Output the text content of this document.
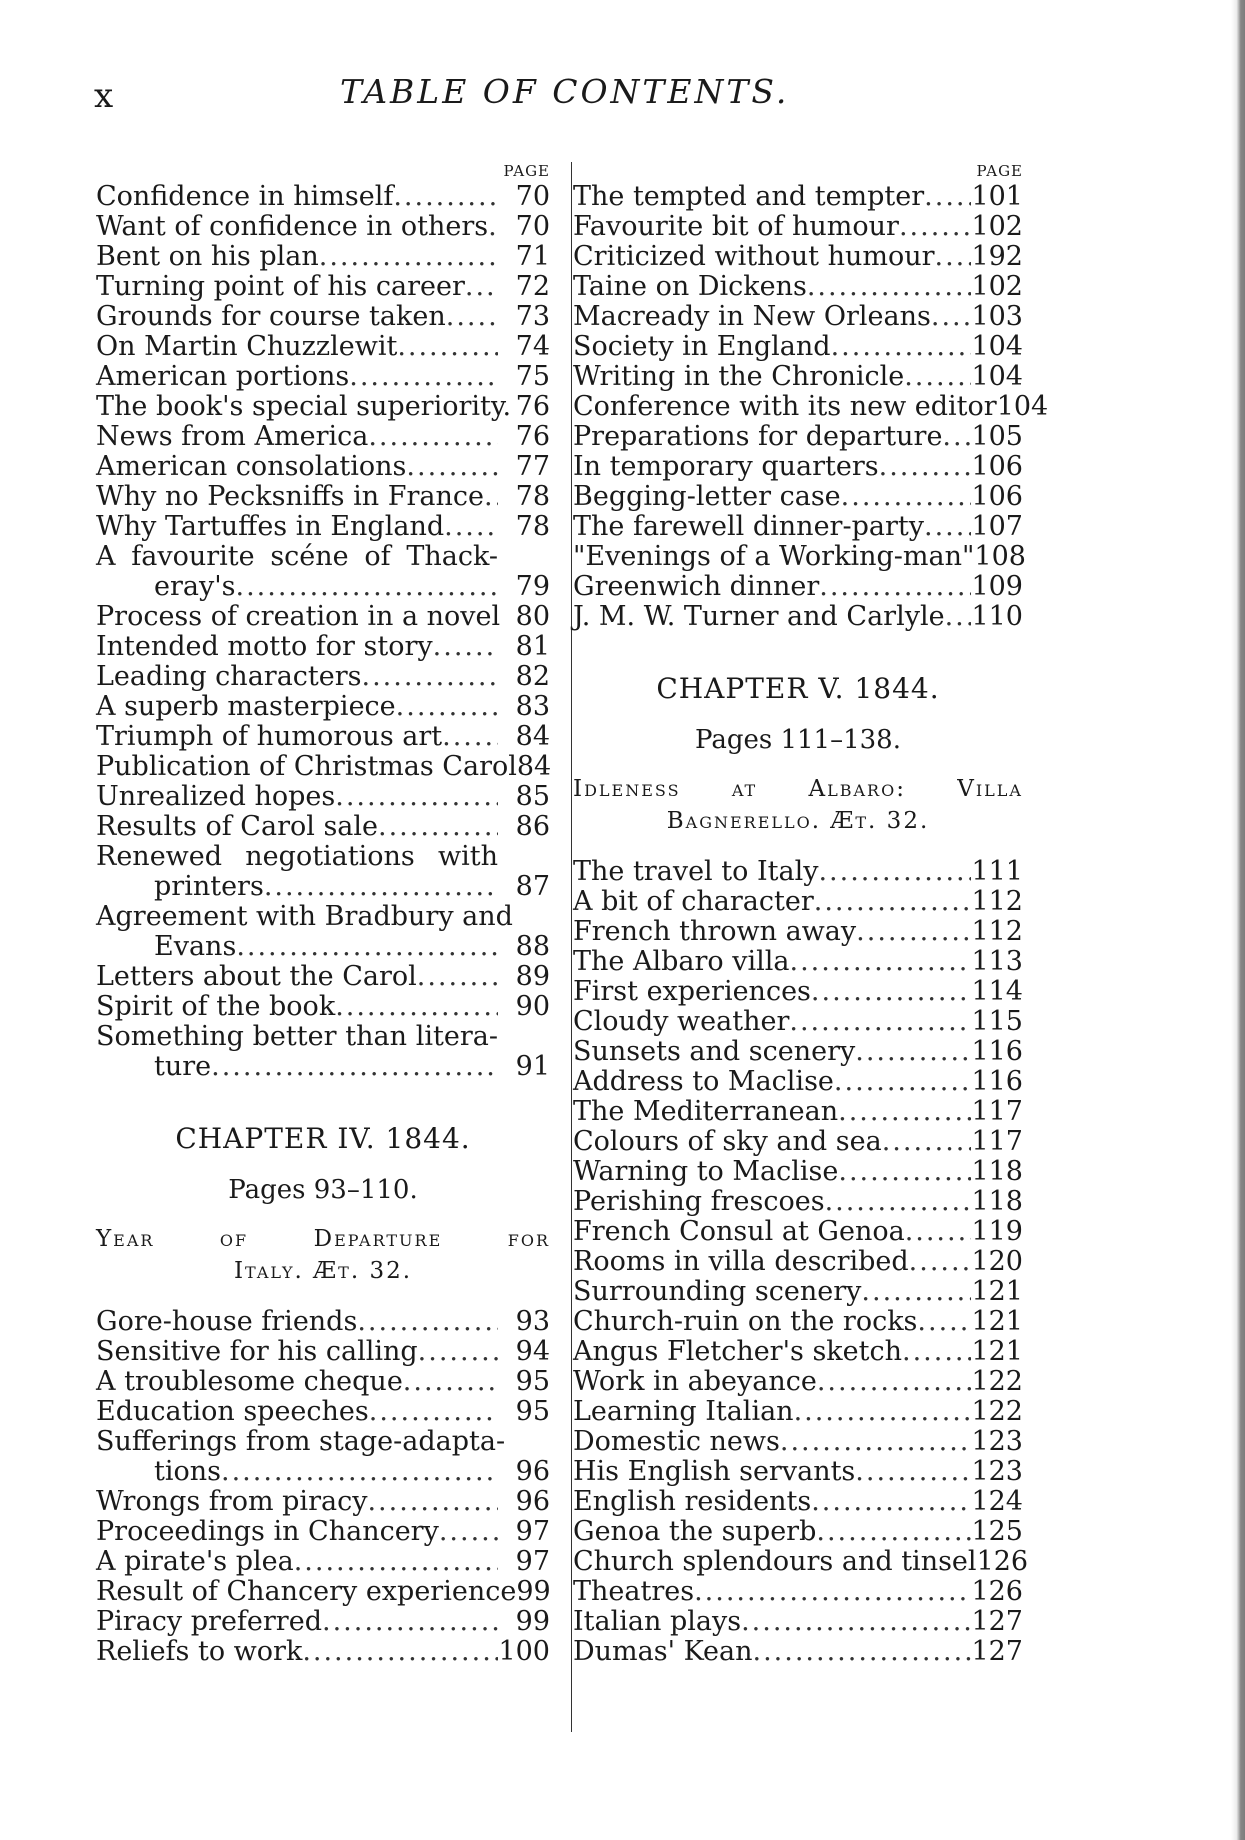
x	TABLE OF CONTENTS.
PAGE
Confidence in himself .....	70
Want of confidence in others .....	70
Bent on his plan .....	71
Turning point of his career .....	72
Grounds for course taken .....	73
On Martin Chuzzlewit .....	74
American portions .....	75
The book's special superiority. 76
News from America .....	76
American consolations .....	77
Why no Pecksniffs in France .....	78
Why Tartuffes in England .....	78
A favourite scéne of Thack-
eray's .....	79
Process of creation in a novel 80
Intended motto for story .....	81
Leading characters .....	82
A superb masterpiece .....	83
Triumph of humorous art .....	84
Publication of Christmas Carol 84
Unrealized hopes .....	85
Results of Carol sale .....	86
Renewed negotiations with
printers .....	87
Agreement with Bradbury and
Evans .....	88
Letters about the Carol .....	89
Spirit of the book .....	90
Something better than litera-
ture .....	91
CHAPTER IV. 1844.
Pages 93–110.
Year of Departure for
Italy. Æt. 32.
Gore-house friends .....	93
Sensitive for his calling .....	94
A troublesome cheque .....	95
Education speeches .....	95
Sufferings from stage-adapta-
tions .....	96
Wrongs from piracy .....	96
Proceedings in Chancery .....	97
A pirate's plea .....	97
Result of Chancery experience 99
Piracy preferred .....	99
Reliefs to work .....	100
PAGE
The tempted and tempter ..... 101
Favourite bit of humour .....	102
Criticized without humour ..... 192
Taine on Dickens .....	102
Macready in New Orleans ..... 103
Society in England .....	104
Writing in the Chronicle ..... 104
Conference with its new editor 104
Preparations for departure ..... 105
In temporary quarters .....	106
Begging-letter case .....	106
The farewell dinner-party ..... 107
"Evenings of a Working-man" 108
Greenwich dinner .....	109
J. M. W. Turner and Carlyle ..... 110
CHAPTER V. 1844.
Pages 111–138.
Idleness at Albaro: Villa
Bagnerello. Æt. 32.
The travel to Italy .....	111
A bit of character .....	112
French thrown away .....	112
The Albaro villa .....	113
First experiences .....	114
Cloudy weather .....	115
Sunsets and scenery .....	116
Address to Maclise .....	116
The Mediterranean .....	117
Colours of sky and sea .....	117
Warning to Maclise .....	118
Perishing frescoes .....	118
French Consul at Genoa ..... 119
Rooms in villa described ..... 120
Surrounding scenery .....	121
Church-ruin on the rocks ..... 121
Angus Fletcher's sketch .....	121
Work in abeyance .....	122
Learning Italian .....	122
Domestic news .....	123
His English servants .....	123
English residents .....	124
Genoa the superb .....	125
Church splendours and tinsel 126
Theatres .....	126
Italian plays .....	127
Dumas' Kean .....	127
